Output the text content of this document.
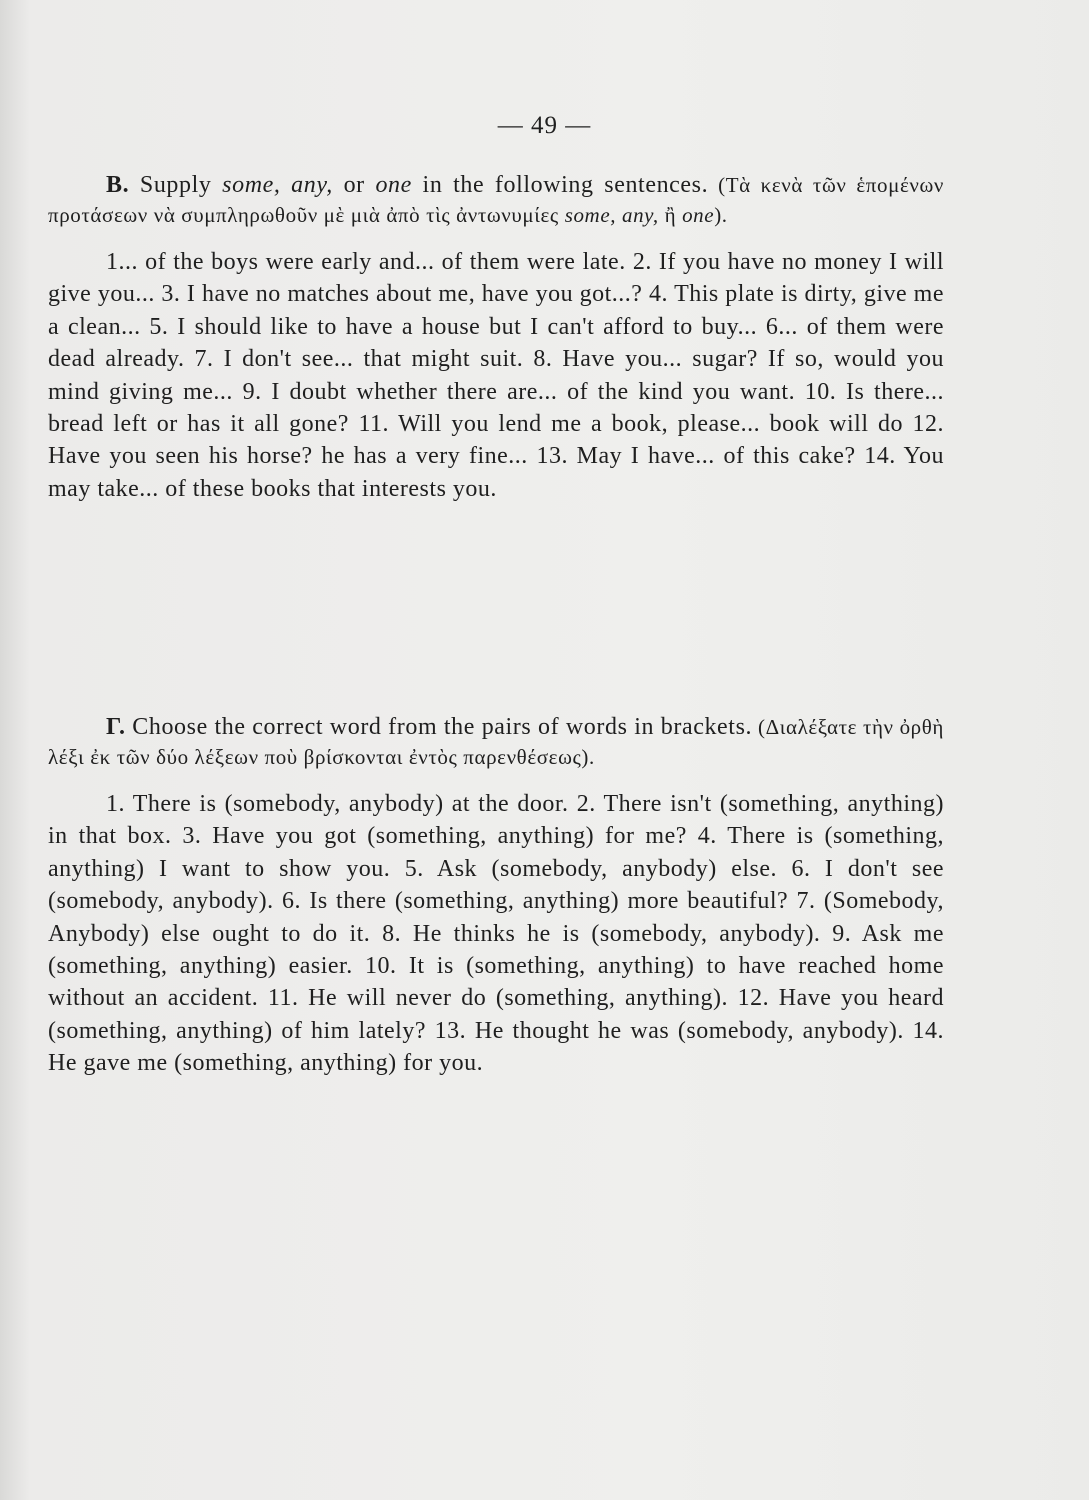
— 49 —

B. Supply some, any, or one in the following sentences. (Τὰ κενὰ τῶν ἑπομένων προτάσεων νὰ συμπληρωθοῦν μὲ μιὰ ἀπὸ τὶς ἀντωνυμίες some, any, ἢ one).

1... of the boys were early and... of them were late. 2. If you have no money I will give you... 3. I have no matches about me, have you got...? 4. This plate is dirty, give me a clean... 5. I should like to have a house but I can't afford to buy... 6... of them were dead already. 7. I don't see... that might suit. 8. Have you... sugar? If so, would you mind giving me... 9. I doubt whether there are... of the kind you want. 10. Is there... bread left or has it all gone? 11. Will you lend me a book, please... book will do 12. Have you seen his horse? he has a very fine... 13. May I have... of this cake? 14. You may take... of these books that interests you.

Γ. Choose the correct word from the pairs of words in brackets. (Διαλέξατε τὴν ὀρθὴ λέξι ἐκ τῶν δύο λέξεων ποὺ βρίσκονται ἐντὸς παρενθέσεως).

1. There is (somebody, anybody) at the door. 2. There isn't (something, anything) in that box. 3. Have you got (something, anything) for me? 4. There is (something, anything) I want to show you. 5. Ask (somebody, anybody) else. 6. I don't see (somebody, anybody). 6. Is there (something, anything) more beautiful? 7. (Somebody, Anybody) else ought to do it. 8. He thinks he is (somebody, anybody). 9. Ask me (something, anything) easier. 10. It is (something, anything) to have reached home without an accident. 11. He will never do (something, anything). 12. Have you heard (something, anything) of him lately? 13. He thought he was (somebody, anybody). 14. He gave me (something, anything) for you.
